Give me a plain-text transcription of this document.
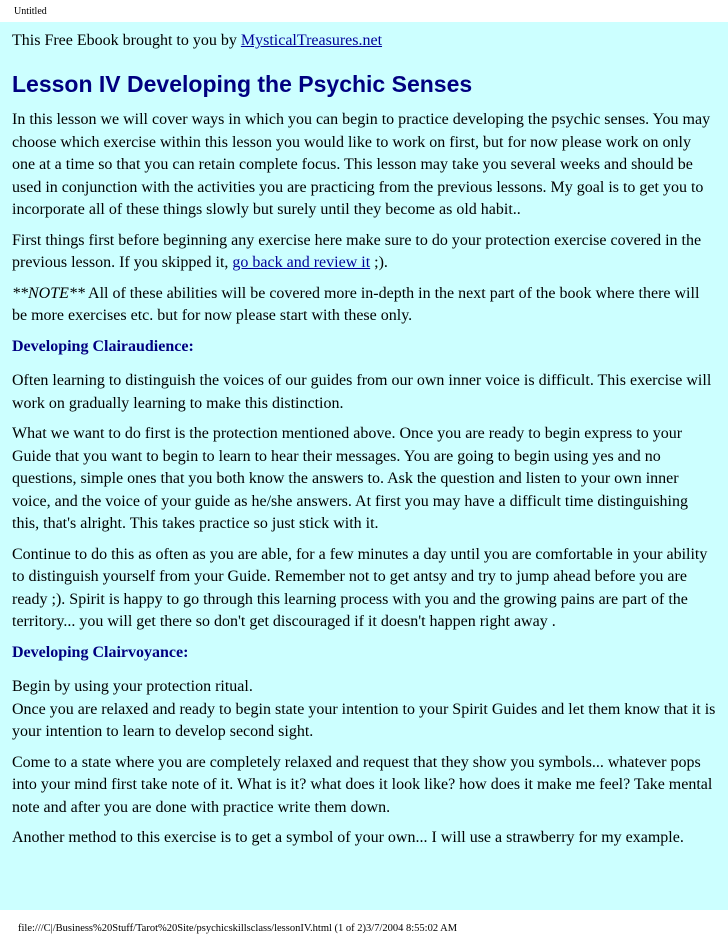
Untitled
This Free Ebook brought to you by MysticalTreasures.net
Lesson IV Developing the Psychic Senses

In this lesson we will cover ways in which you can begin to practice developing the psychic senses. You may choose which exercise within this lesson you would like to work on first, but for now please work on only one at a time so that you can retain complete focus. This lesson may take you several weeks and should be used in conjunction with the activities you are practicing from the previous lessons. My goal is to get you to incorporate all of these things slowly but surely until they become as old habit..

First things first before beginning any exercise here make sure to do your protection exercise covered in the previous lesson. If you skipped it, go back and review it ;).

**NOTE** All of these abilities will be covered more in-depth in the next part of the book where there will be more exercises etc. but for now please start with these only.

Developing Clairaudience:

Often learning to distinguish the voices of our guides from our own inner voice is difficult. This exercise will work on gradually learning to make this distinction.

What we want to do first is the protection mentioned above. Once you are ready to begin express to your Guide that you want to begin to learn to hear their messages. You are going to begin using yes and no questions, simple ones that you both know the answers to. Ask the question and listen to your own inner voice, and the voice of your guide as he/she answers. At first you may have a difficult time distinguishing this, that's alright. This takes practice so just stick with it.

Continue to do this as often as you are able, for a few minutes a day until you are comfortable in your ability to distinguish yourself from your Guide. Remember not to get antsy and try to jump ahead before you are ready ;). Spirit is happy to go through this learning process with you and the growing pains are part of the territory... you will get there so don't get discouraged if it doesn't happen right away .

Developing Clairvoyance:

Begin by using your protection ritual.
Once you are relaxed and ready to begin state your intention to your Spirit Guides and let them know that it is your intention to learn to develop second sight.

Come to a state where you are completely relaxed and request that they show you symbols... whatever pops into your mind first take note of it. What is it? what does it look like? how does it make me feel? Take mental note and after you are done with practice write them down.

Another method to this exercise is to get a symbol of your own... I will use a strawberry for my example.

file:///C|/Business%20Stuff/Tarot%20Site/psychicskillsclass/lessonIV.html (1 of 2)3/7/2004 8:55:02 AM
